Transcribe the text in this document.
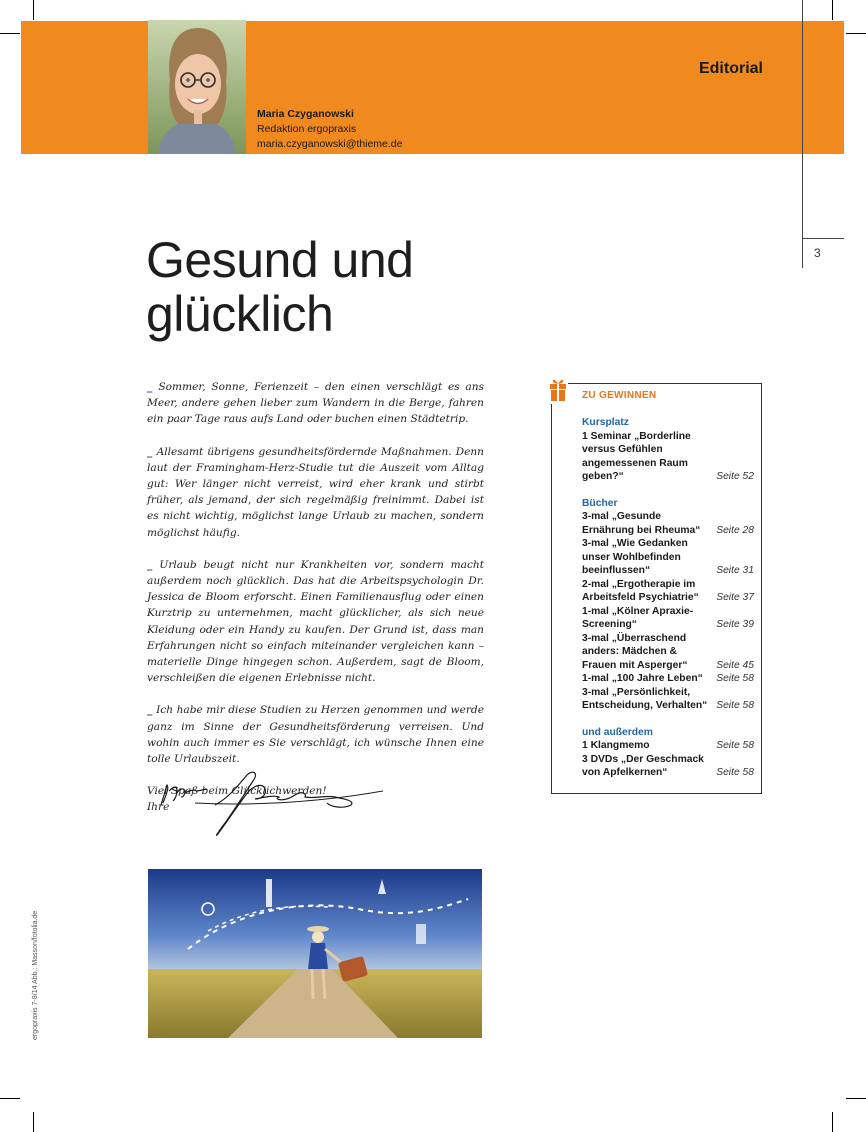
Editorial
Maria Czyganowski
Redaktion ergopraxis
maria.czyganowski@thieme.de
3
Gesund und
glücklich

_ Sommer, Sonne, Ferienzeit – den einen verschlägt es ans Meer, andere gehen lieber zum Wandern in die Berge, fahren ein paar Tage raus aufs Land oder buchen einen Städtetrip.

_ Allesamt übrigens gesundheitsfördernde Maßnahmen. Denn laut der Framingham-Herz-Studie tut die Auszeit vom Alltag gut: Wer länger nicht verreist, wird eher krank und stirbt früher, als jemand, der sich regelmäßig freinimmt. Dabei ist es nicht wichtig, möglichst lange Urlaub zu machen, sondern möglichst häufig.

_ Urlaub beugt nicht nur Krankheiten vor, sondern macht außerdem noch glücklich. Das hat die Arbeitspsychologin Dr. Jessica de Bloom erforscht. Einen Familienausflug oder einen Kurztrip zu unternehmen, macht glücklicher, als sich neue Kleidung oder ein Handy zu kaufen. Der Grund ist, dass man Erfahrungen nicht so einfach miteinander vergleichen kann – materielle Dinge hingegen schon. Außerdem, sagt de Bloom, verschleißen die eigenen Erlebnisse nicht.

_ Ich habe mir diese Studien zu Herzen genommen und werde ganz im Sinne der Gesundheitsförderung verreisen. Und wohin auch immer es Sie verschlägt, ich wünsche Ihnen eine tolle Urlaubszeit.

Viel Spaß beim Glücklichwerden!
Ihre
ergopraxis 7-8/14 Abb.: Masson/fotolia.de
ZU GEWINNEN
Kursplatz
1 Seminar „Borderline versus Gefühlen angemessenen Raum geben?“	Seite 52
Bücher
3-mal „Gesunde Ernährung bei Rheuma“	Seite 28
3-mal „Wie Gedanken unser Wohlbefinden beeinflussen“	Seite 31
2-mal „Ergotherapie im Arbeitsfeld Psychiatrie“	Seite 37
1-mal „Kölner Apraxie-Screening“	Seite 39
3-mal „Überraschend anders: Mädchen & Frauen mit Asperger“	Seite 45
1-mal „100 Jahre Leben“ Seite 58
3-mal „Persönlichkeit, Entscheidung, Verhalten“ Seite 58
und außerdem
1 Klangmemo	Seite 58
3 DVDs „Der Geschmack von Apfelkernen“	Seite 58
